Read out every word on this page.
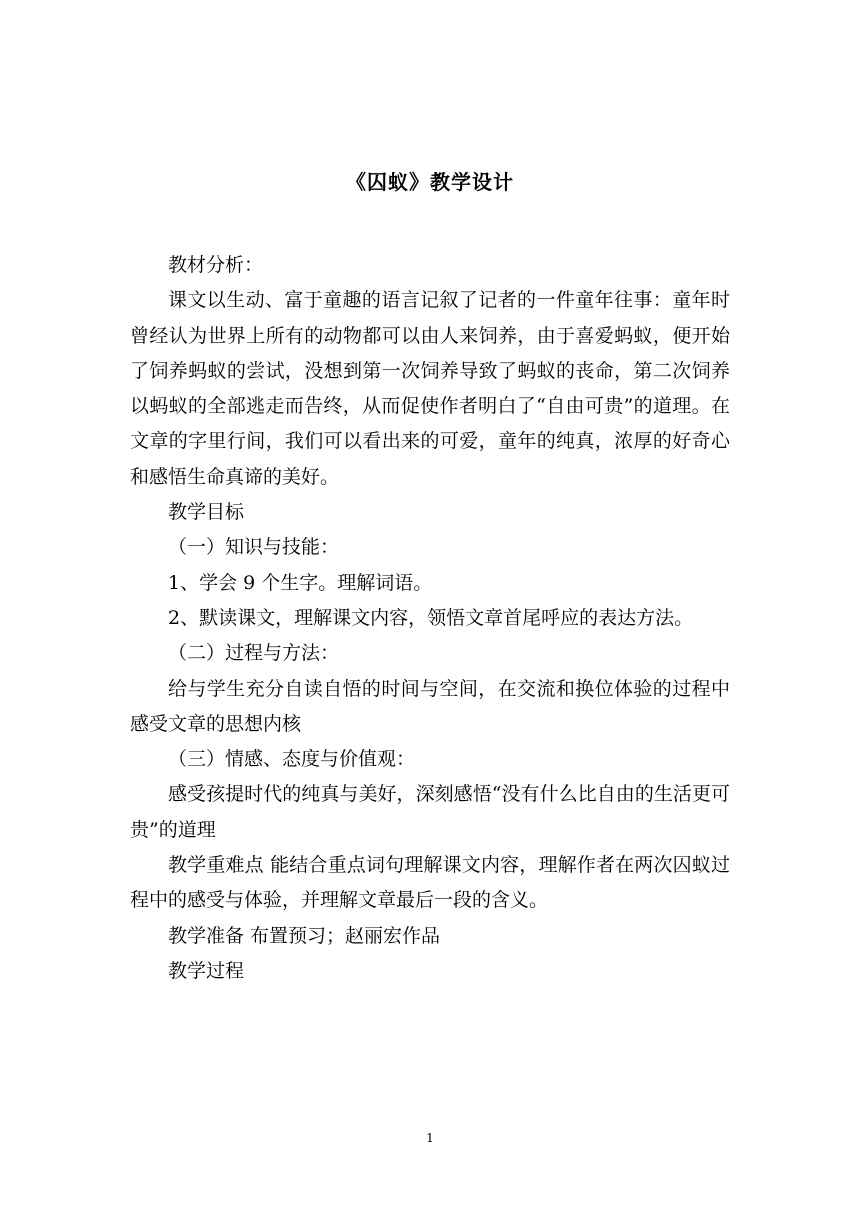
《囚蚁》教学设计

教材分析：

课文以生动、富于童趣的语言记叙了记者的一件童年往事：童年时曾经认为世界上所有的动物都可以由人来饲养，由于喜爱蚂蚁，便开始了饲养蚂蚁的尝试，没想到第一次饲养导致了蚂蚁的丧命，第二次饲养以蚂蚁的全部逃走而告终，从而促使作者明白了“自由可贵”的道理。在文章的字里行间，我们可以看出来的可爱，童年的纯真，浓厚的好奇心和感悟生命真谛的美好。

教学目标

（一）知识与技能：

1、学会 9 个生字。理解词语。

2、默读课文，理解课文内容，领悟文章首尾呼应的表达方法。

（二）过程与方法：

给与学生充分自读自悟的时间与空间，在交流和换位体验的过程中感受文章的思想内核

（三）情感、态度与价值观：

感受孩提时代的纯真与美好，深刻感悟“没有什么比自由的生活更可贵”的道理

教学重难点 能结合重点词句理解课文内容，理解作者在两次囚蚁过程中的感受与体验，并理解文章最后一段的含义。

教学准备 布置预习；赵丽宏作品

教学过程

1
